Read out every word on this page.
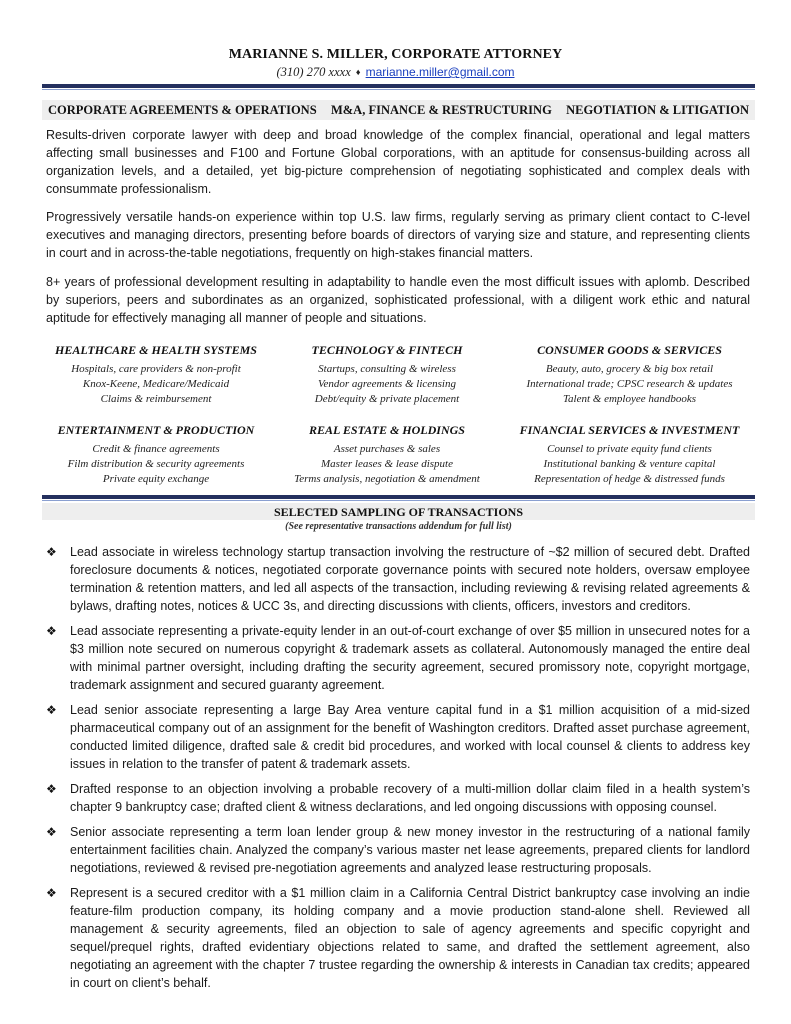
MARIANNE S. MILLER, CORPORATE ATTORNEY
(310) 270 xxxx ♦ marianne.miller@gmail.com
CORPORATE AGREEMENTS & OPERATIONS M&A, FINANCE & RESTRUCTURING NEGOTIATION & LITIGATION
Results-driven corporate lawyer with deep and broad knowledge of the complex financial, operational and legal matters affecting small businesses and F100 and Fortune Global corporations, with an aptitude for consensus-building across all organization levels, and a detailed, yet big-picture comprehension of negotiating sophisticated and complex deals with consummate professionalism.
Progressively versatile hands-on experience within top U.S. law firms, regularly serving as primary client contact to C-level executives and managing directors, presenting before boards of directors of varying size and stature, and representing clients in court and in across-the-table negotiations, frequently on high-stakes financial matters.
8+ years of professional development resulting in adaptability to handle even the most difficult issues with aplomb. Described by superiors, peers and subordinates as an organized, sophisticated professional, with a diligent work ethic and natural aptitude for effectively managing all manner of people and situations.
HEALTHCARE & HEALTH SYSTEMS
Hospitals, care providers & non-profit
Knox-Keene, Medicare/Medicaid
Claims & reimbursement
TECHNOLOGY & FINTECH
Startups, consulting & wireless
Vendor agreements & licensing
Debt/equity & private placement
CONSUMER GOODS & SERVICES
Beauty, auto, grocery & big box retail
International trade; CPSC research & updates
Talent & employee handbooks
ENTERTAINMENT & PRODUCTION
Credit & finance agreements
Film distribution & security agreements
Private equity exchange
REAL ESTATE & HOLDINGS
Asset purchases & sales
Master leases & lease dispute
Terms analysis, negotiation & amendment
FINANCIAL SERVICES & INVESTMENT
Counsel to private equity fund clients
Institutional banking & venture capital
Representation of hedge & distressed funds
SELECTED SAMPLING OF TRANSACTIONS
(See representative transactions addendum for full list)
❖ Lead associate in wireless technology startup transaction involving the restructure of ~$2 million of secured debt. Drafted foreclosure documents & notices, negotiated corporate governance points with secured note holders, oversaw employee termination & retention matters, and led all aspects of the transaction, including reviewing & revising related agreements & bylaws, drafting notes, notices & UCC 3s, and directing discussions with clients, officers, investors and creditors.
❖ Lead associate representing a private-equity lender in an out-of-court exchange of over $5 million in unsecured notes for a $3 million note secured on numerous copyright & trademark assets as collateral. Autonomously managed the entire deal with minimal partner oversight, including drafting the security agreement, secured promissory note, copyright mortgage, trademark assignment and secured guaranty agreement.
❖ Lead senior associate representing a large Bay Area venture capital fund in a $1 million acquisition of a mid-sized pharmaceutical company out of an assignment for the benefit of Washington creditors. Drafted asset purchase agreement, conducted limited diligence, drafted sale & credit bid procedures, and worked with local counsel & clients to address key issues in relation to the transfer of patent & trademark assets.
❖ Drafted response to an objection involving a probable recovery of a multi-million dollar claim filed in a health system’s chapter 9 bankruptcy case; drafted client & witness declarations, and led ongoing discussions with opposing counsel.
❖ Senior associate representing a term loan lender group & new money investor in the restructuring of a national family entertainment facilities chain. Analyzed the company’s various master net lease agreements, prepared clients for landlord negotiations, reviewed & revised pre-negotiation agreements and analyzed lease restructuring proposals.
❖ Represent is a secured creditor with a $1 million claim in a California Central District bankruptcy case involving an indie feature-film production company, its holding company and a movie production stand-alone shell. Reviewed all management & security agreements, filed an objection to sale of agency agreements and specific copyright and sequel/prequel rights, drafted evidentiary objections related to same, and drafted the settlement agreement, also negotiating an agreement with the chapter 7 trustee regarding the ownership & interests in Canadian tax credits; appeared in court on client’s behalf.
